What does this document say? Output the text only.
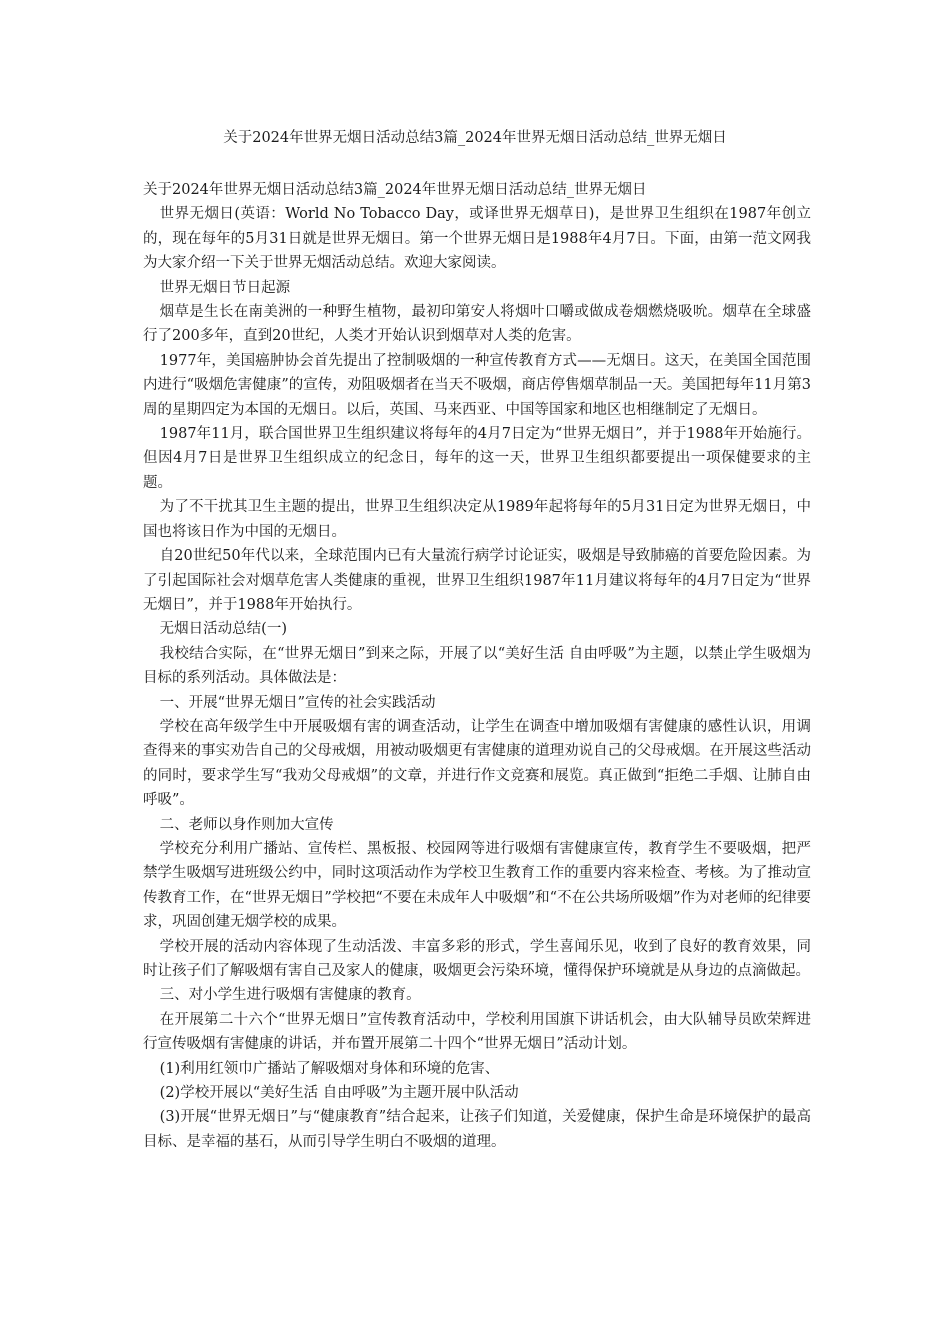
关于2024年世界无烟日活动总结3篇_2024年世界无烟日活动总结_世界无烟日

关于2024年世界无烟日活动总结3篇_2024年世界无烟日活动总结_世界无烟日

世界无烟日(英语：World No Tobacco Day，或译世界无烟草日)，是世界卫生组织在1987年创立的，现在每年的5月31日就是世界无烟日。第一个世界无烟日是1988年4月7日。下面，由第一范文网我为大家介绍一下关于世界无烟活动总结。欢迎大家阅读。

世界无烟日节日起源

烟草是生长在南美洲的一种野生植物，最初印第安人将烟叶口嚼或做成卷烟燃烧吸吮。烟草在全球盛行了200多年，直到20世纪，人类才开始认识到烟草对人类的危害。

1977年，美国癌肿协会首先提出了控制吸烟的一种宣传教育方式——无烟日。这天，在美国全国范围内进行“吸烟危害健康”的宣传，劝阻吸烟者在当天不吸烟，商店停售烟草制品一天。美国把每年11月第3周的星期四定为本国的无烟日。以后，英国、马来西亚、中国等国家和地区也相继制定了无烟日。

1987年11月，联合国世界卫生组织建议将每年的4月7日定为“世界无烟日”，并于1988年开始施行。但因4月7日是世界卫生组织成立的纪念日，每年的这一天，世界卫生组织都要提出一项保健要求的主题。

为了不干扰其卫生主题的提出，世界卫生组织决定从1989年起将每年的5月31日定为世界无烟日，中国也将该日作为中国的无烟日。

自20世纪50年代以来，全球范围内已有大量流行病学讨论证实，吸烟是导致肺癌的首要危险因素。为了引起国际社会对烟草危害人类健康的重视，世界卫生组织1987年11月建议将每年的4月7日定为“世界无烟日”，并于1988年开始执行。

无烟日活动总结(一)

我校结合实际，在“世界无烟日”到来之际，开展了以“美好生活 自由呼吸”为主题，以禁止学生吸烟为目标的系列活动。具体做法是：

一、开展“世界无烟日”宣传的社会实践活动

学校在高年级学生中开展吸烟有害的调查活动，让学生在调查中增加吸烟有害健康的感性认识，用调查得来的事实劝告自己的父母戒烟，用被动吸烟更有害健康的道理劝说自己的父母戒烟。在开展这些活动的同时，要求学生写“我劝父母戒烟”的文章，并进行作文竞赛和展览。真正做到“拒绝二手烟、让肺自由呼吸”。

二、老师以身作则加大宣传

学校充分利用广播站、宣传栏、黑板报、校园网等进行吸烟有害健康宣传，教育学生不要吸烟，把严禁学生吸烟写进班级公约中，同时这项活动作为学校卫生教育工作的重要内容来检查、考核。为了推动宣传教育工作，在“世界无烟日”学校把“不要在未成年人中吸烟”和“不在公共场所吸烟”作为对老师的纪律要求，巩固创建无烟学校的成果。

学校开展的活动内容体现了生动活泼、丰富多彩的形式，学生喜闻乐见，收到了良好的教育效果，同时让孩子们了解吸烟有害自己及家人的健康，吸烟更会污染环境，懂得保护环境就是从身边的点滴做起。

三、对小学生进行吸烟有害健康的教育。

在开展第二十六个“世界无烟日”宣传教育活动中，学校利用国旗下讲话机会，由大队辅导员欧荣辉进行宣传吸烟有害健康的讲话，并布置开展第二十四个“世界无烟日”活动计划。

(1)利用红领巾广播站了解吸烟对身体和环境的危害、

(2)学校开展以“美好生活 自由呼吸”为主题开展中队活动

(3)开展“世界无烟日”与“健康教育”结合起来，让孩子们知道，关爱健康，保护生命是环境保护的最高目标、是幸福的基石，从而引导学生明白不吸烟的道理。
